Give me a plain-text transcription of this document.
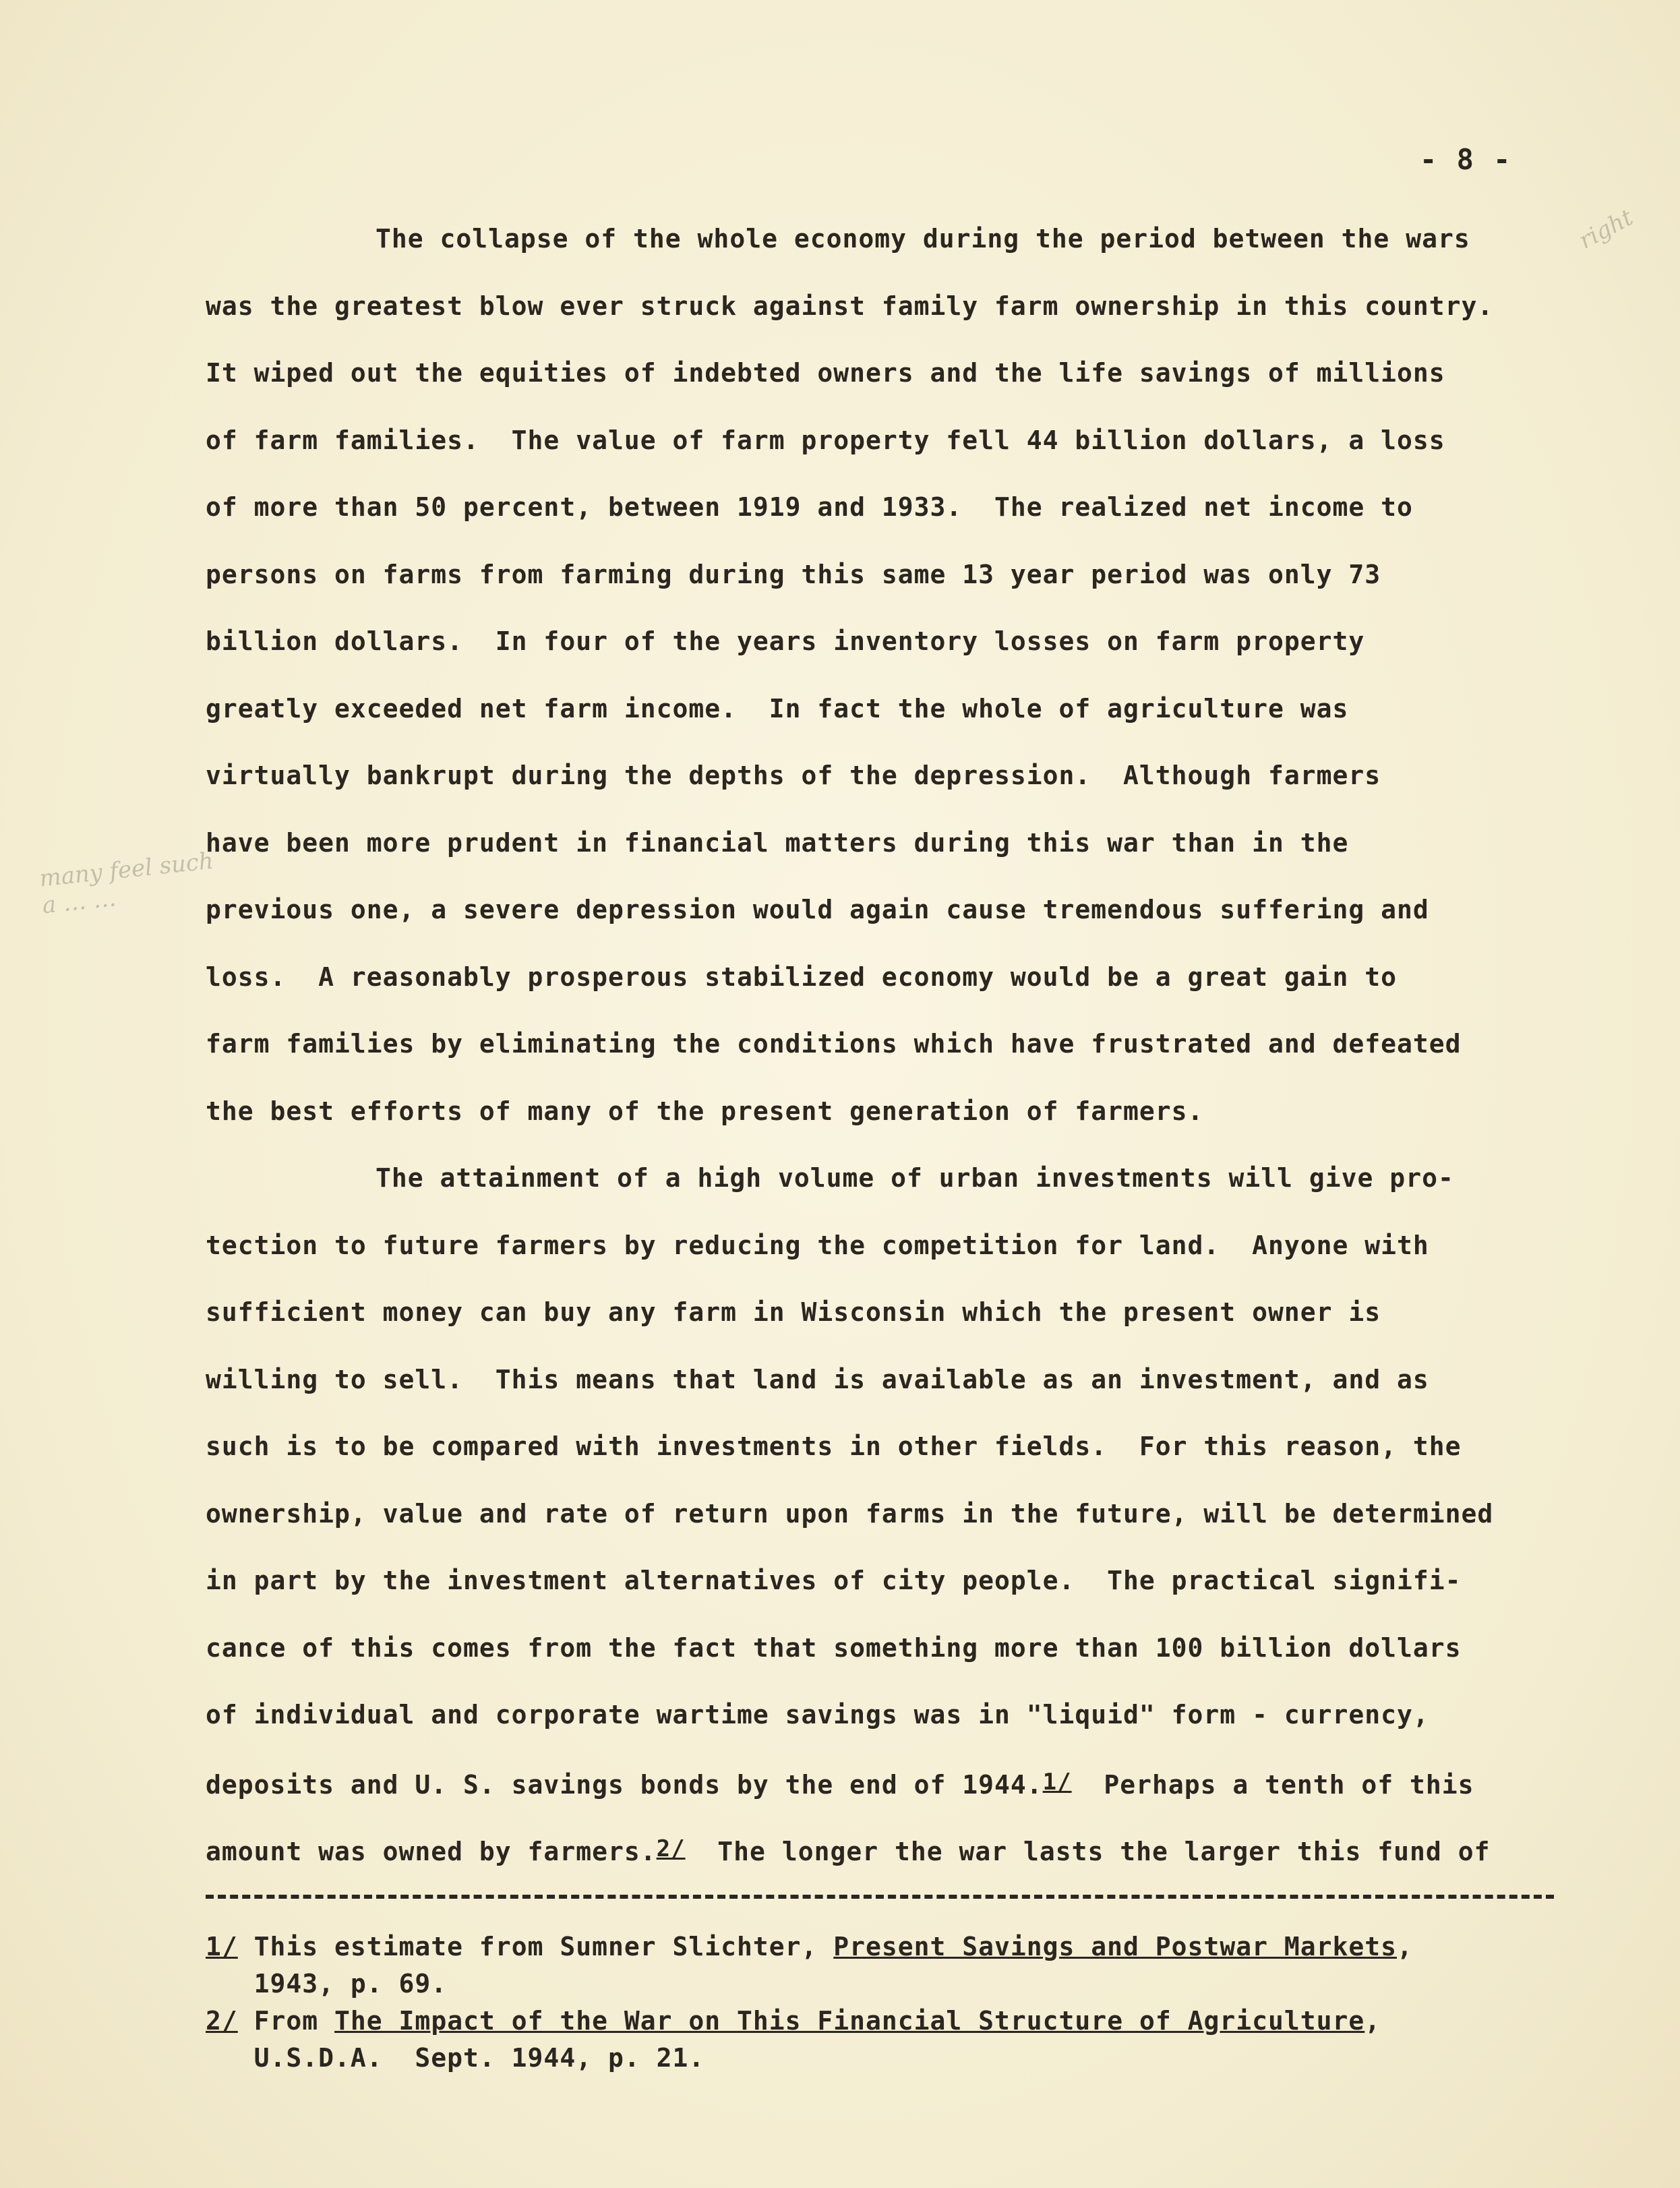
- 8 -
right
many feel such a … …
The collapse of the whole economy during the period between the wars
was the greatest blow ever struck against family farm ownership in this country.
It wiped out the equities of indebted owners and the life savings of millions
of farm families.  The value of farm property fell 44 billion dollars, a loss
of more than 50 percent, between 1919 and 1933.  The realized net income to
persons on farms from farming during this same 13 year period was only 73
billion dollars.  In four of the years inventory losses on farm property
greatly exceeded net farm income.  In fact the whole of agriculture was
virtually bankrupt during the depths of the depression.  Although farmers
have been more prudent in financial matters during this war than in the
previous one, a severe depression would again cause tremendous suffering and
loss.  A reasonably prosperous stabilized economy would be a great gain to
farm families by eliminating the conditions which have frustrated and defeated
the best efforts of many of the present generation of farmers.
The attainment of a high volume of urban investments will give pro-
tection to future farmers by reducing the competition for land.  Anyone with
sufficient money can buy any farm in Wisconsin which the present owner is
willing to sell.  This means that land is available as an investment, and as
such is to be compared with investments in other fields.  For this reason, the
ownership, value and rate of return upon farms in the future, will be determined
in part by the investment alternatives of city people.  The practical signifi-
cance of this comes from the fact that something more than 100 billion dollars
of individual and corporate wartime savings was in "liquid" form - currency,
deposits and U. S. savings bonds by the end of 1944.1/  Perhaps a tenth of this
amount was owned by farmers.2/  The longer the war lasts the larger this fund of
1/ This estimate from Sumner Slichter, Present Savings and Postwar Markets,
1943, p. 69.
2/ From The Impact of the War on This Financial Structure of Agriculture,
U.S.D.A.  Sept. 1944, p. 21.
